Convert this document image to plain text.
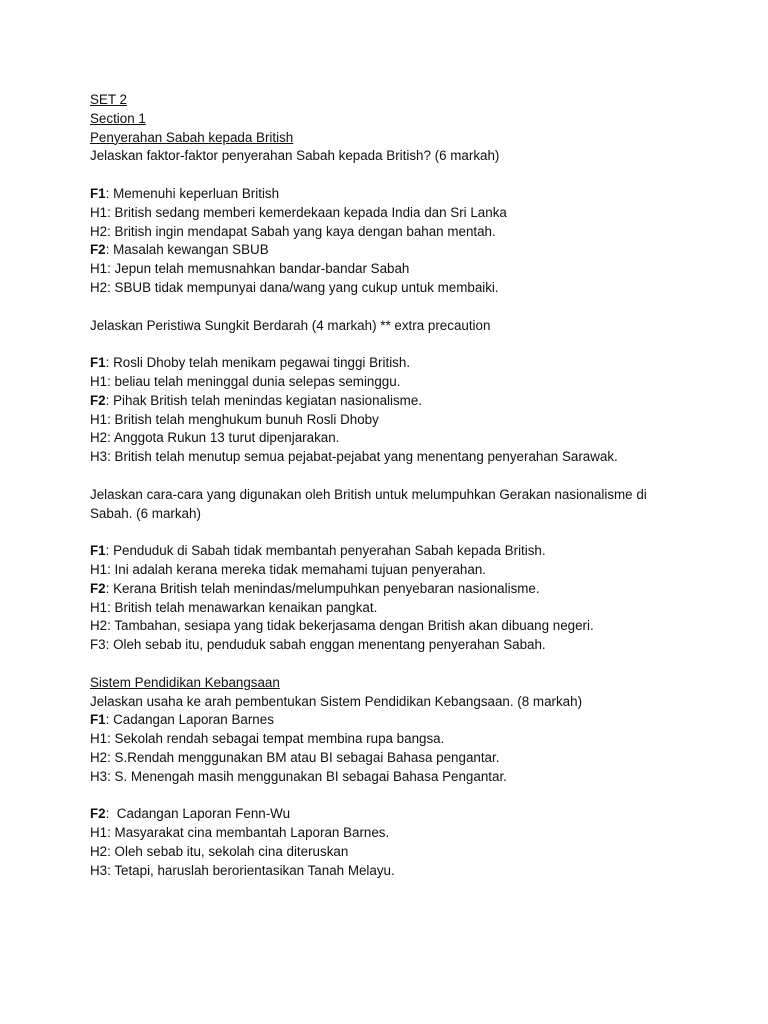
SET 2
Section 1
Penyerahan Sabah kepada British
Jelaskan faktor-faktor penyerahan Sabah kepada British? (6 markah)
F1: Memenuhi keperluan British
H1: British sedang memberi kemerdekaan kepada India dan Sri Lanka
H2: British ingin mendapat Sabah yang kaya dengan bahan mentah.
F2: Masalah kewangan SBUB
H1: Jepun telah memusnahkan bandar-bandar Sabah
H2: SBUB tidak mempunyai dana/wang yang cukup untuk membaiki.
Jelaskan Peristiwa Sungkit Berdarah (4 markah) ** extra precaution
F1: Rosli Dhoby telah menikam pegawai tinggi British.
H1: beliau telah meninggal dunia selepas seminggu.
F2: Pihak British telah menindas kegiatan nasionalisme.
H1: British telah menghukum bunuh Rosli Dhoby
H2: Anggota Rukun 13 turut dipenjarakan.
H3: British telah menutup semua pejabat-pejabat yang menentang penyerahan Sarawak.
Jelaskan cara-cara yang digunakan oleh British untuk melumpuhkan Gerakan nasionalisme di
Sabah. (6 markah)
F1: Penduduk di Sabah tidak membantah penyerahan Sabah kepada British.
H1: Ini adalah kerana mereka tidak memahami tujuan penyerahan.
F2: Kerana British telah menindas/melumpuhkan penyebaran nasionalisme.
H1: British telah menawarkan kenaikan pangkat.
H2: Tambahan, sesiapa yang tidak bekerjasama dengan British akan dibuang negeri.
F3: Oleh sebab itu, penduduk sabah enggan menentang penyerahan Sabah.
Sistem Pendidikan Kebangsaan
Jelaskan usaha ke arah pembentukan Sistem Pendidikan Kebangsaan. (8 markah)
F1: Cadangan Laporan Barnes
H1: Sekolah rendah sebagai tempat membina rupa bangsa.
H2: S.Rendah menggunakan BM atau BI sebagai Bahasa pengantar.
H3: S. Menengah masih menggunakan BI sebagai Bahasa Pengantar.
F2:  Cadangan Laporan Fenn-Wu
H1: Masyarakat cina membantah Laporan Barnes.
H2: Oleh sebab itu, sekolah cina diteruskan
H3: Tetapi, haruslah berorientasikan Tanah Melayu.
